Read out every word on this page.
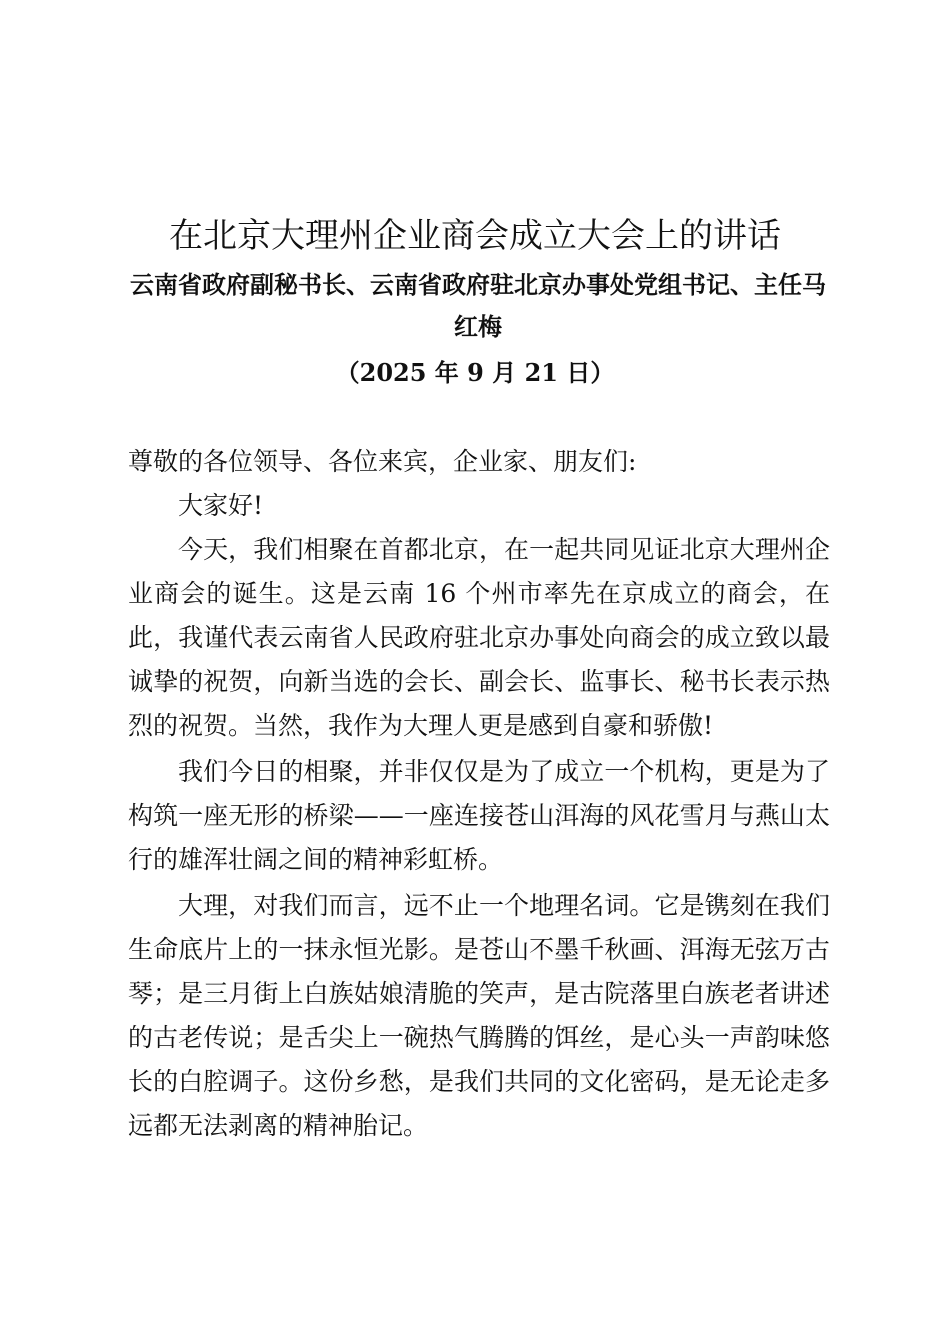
在北京大理州企业商会成立大会上的讲话
云南省政府副秘书长、云南省政府驻北京办事处党组书记、主任马红梅
（2025 年 9 月 21 日）

尊敬的各位领导、各位来宾，企业家、朋友们:

大家好!

今天，我们相聚在首都北京，在一起共同见证北京大理州企业商会的诞生。这是云南 16 个州市率先在京成立的商会，在此，我谨代表云南省人民政府驻北京办事处向商会的成立致以最诚挚的祝贺，向新当选的会长、副会长、监事长、秘书长表示热烈的祝贺。当然，我作为大理人更是感到自豪和骄傲!

我们今日的相聚，并非仅仅是为了成立一个机构，更是为了构筑一座无形的桥梁——一座连接苍山洱海的风花雪月与燕山太行的雄浑壮阔之间的精神彩虹桥。

大理，对我们而言，远不止一个地理名词。它是镌刻在我们生命底片上的一抹永恒光影。是苍山不墨千秋画、洱海无弦万古琴；是三月街上白族姑娘清脆的笑声，是古院落里白族老者讲述的古老传说；是舌尖上一碗热气腾腾的饵丝，是心头一声韵味悠长的白腔调子。这份乡愁，是我们共同的文化密码，是无论走多远都无法剥离的精神胎记。
